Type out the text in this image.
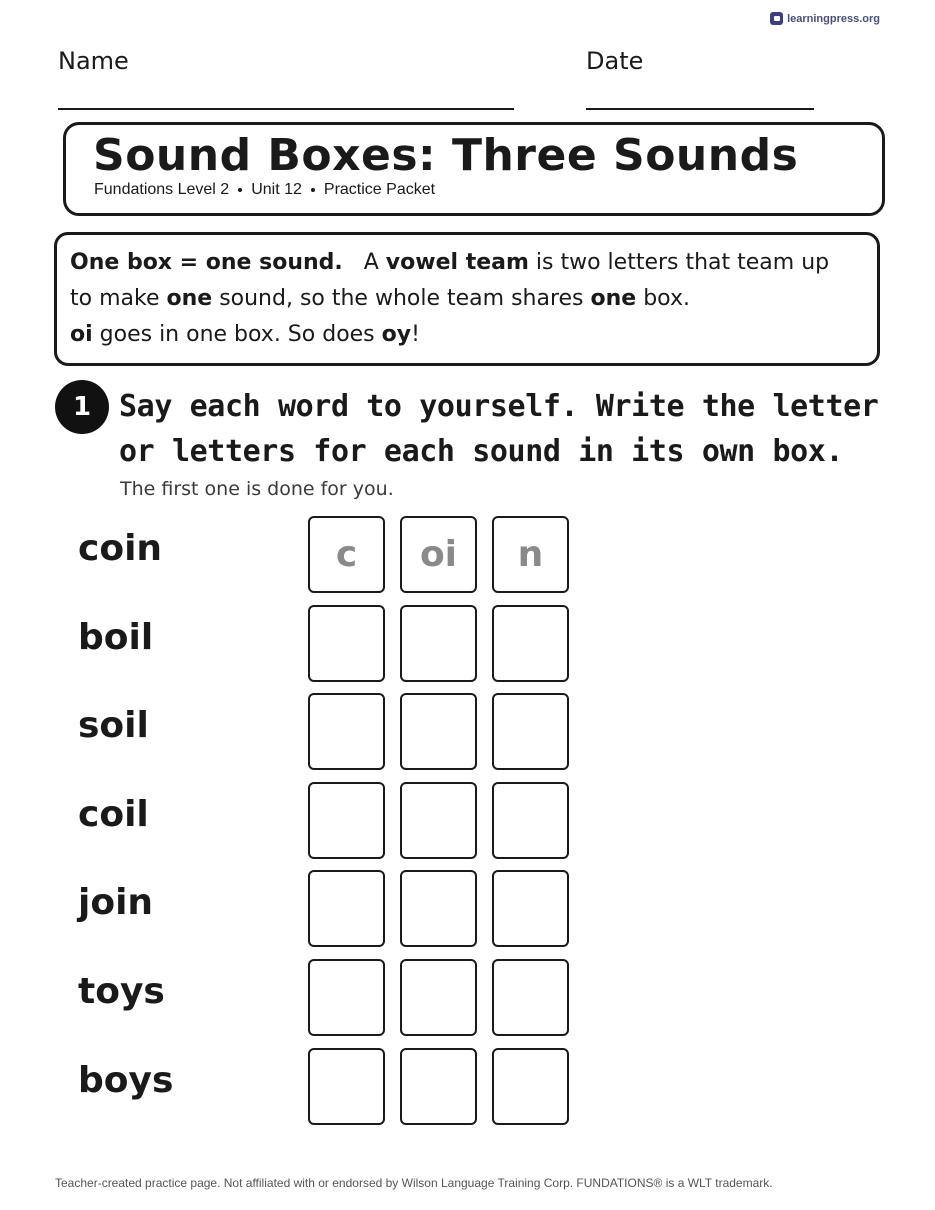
learningpress.org
Name	Date
Sound Boxes: Three Sounds
Fundations Level 2 Unit 12 Practice Packet
One box = one sound. A vowel team is two letters that team up
to make one sound, so the whole team shares one box.
oi goes in one box. So does oy!
1 Say each word to yourself. Write the letter
or letters for each sound in its own box.
The first one is done for you.
coin	c	oi	n
boil
soil
coil
join
toys
boys
Teacher-created practice page. Not affiliated with or endorsed by Wilson Language Training Corp. FUNDATIONS® is a WLT trademark.
